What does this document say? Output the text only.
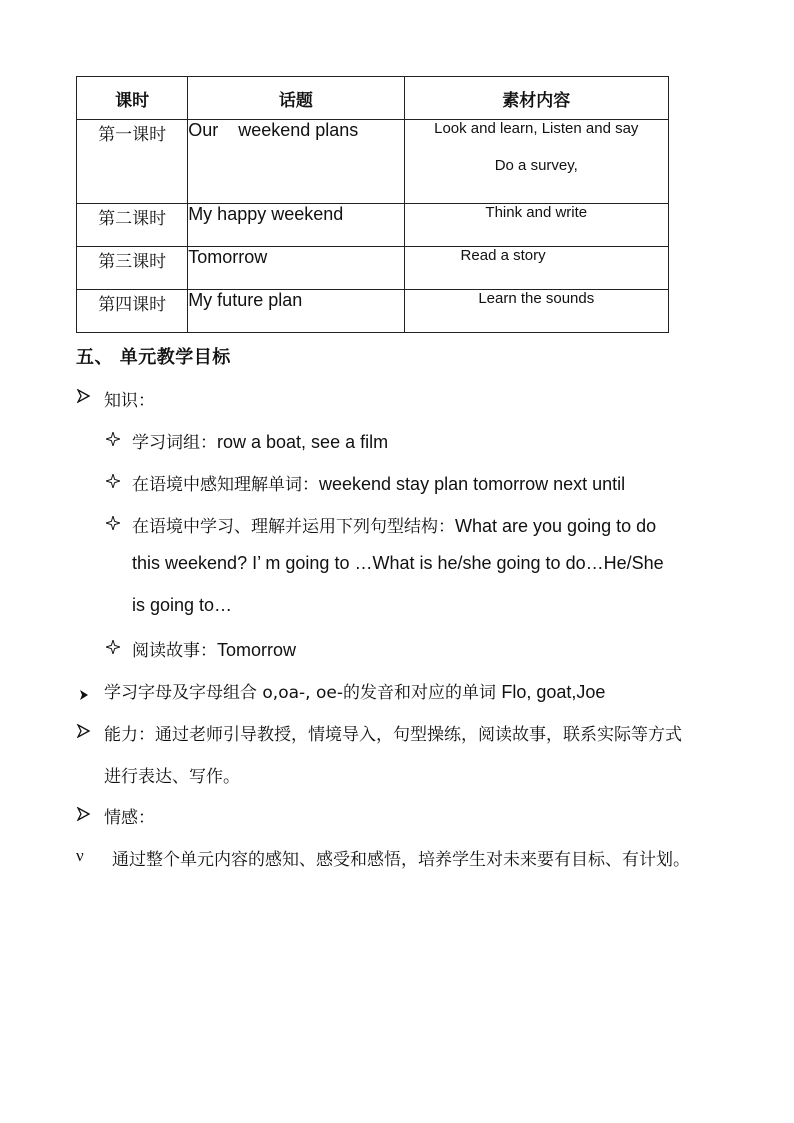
课时	话题	素材内容
第一课时	Our    weekend plans	Look and learn, Listen and say
Do a survey,

第二课时	My happy weekend	Think and write
第三课时	Tomorrow	Read a story
第四课时	My future plan	Learn the sounds
五、 单元教学目标
知识：
学习词组：row a boat, see a film
在语境中感知理解单词：weekend stay plan tomorrow next until
在语境中学习、理解并运用下列句型结构：What are you going to do
this weekend? I’ m going to …What is he/she going to do…He/She
is going to…
阅读故事：Tomorrow
学习字母及字母组合 o,oa-, oe-的发音和对应的单词 Flo, goat,Joe
能力：通过老师引导教授，情境导入，句型操练，阅读故事，联系实际等方式
进行表达、写作。
情感：
ν 通过整个单元内容的感知、感受和感悟，培养学生对未来要有目标、有计划。
